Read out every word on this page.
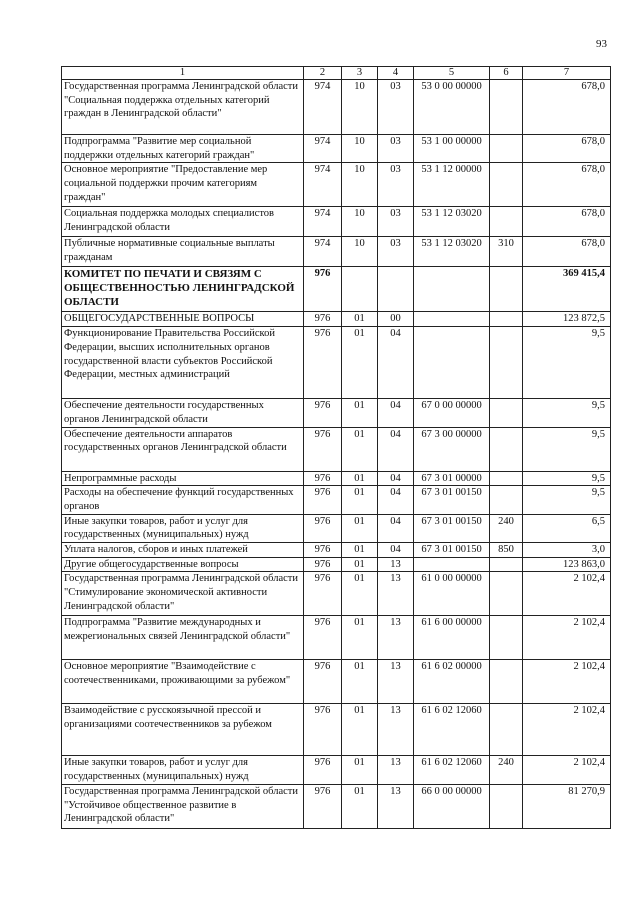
93
1	2	3	4	5	6	7
Государственная программа Ленинградской области "Социальная поддержка отдельных категорий граждан в Ленинградской области"	974	10	03	53 0 00 00000		678,0
Подпрограмма "Развитие мер социальной поддержки отдельных категорий граждан"	974	10	03	53 1 00 00000		678,0
Основное мероприятие "Предоставление мер социальной поддержки прочим категориям граждан"	974	10	03	53 1 12 00000		678,0
Социальная поддержка молодых специалистов Ленинградской области	974	10	03	53 1 12 03020		678,0
Публичные нормативные социальные выплаты гражданам	974	10	03	53 1 12 03020	310	678,0
КОМИТЕТ ПО ПЕЧАТИ И СВЯЗЯМ С ОБЩЕСТВЕННОСТЬЮ ЛЕНИНГРАДСКОЙ ОБЛАСТИ	976					369 415,4
ОБЩЕГОСУДАРСТВЕННЫЕ ВОПРОСЫ	976	01	00			123 872,5
Функционирование Правительства Российской Федерации, высших исполнительных органов государственной власти субъектов Российской Федерации, местных администраций	976	01	04			9,5
Обеспечение деятельности государственных органов Ленинградской области	976	01	04	67 0 00 00000		9,5
Обеспечение деятельности аппаратов государственных органов Ленинградской области	976	01	04	67 3 00 00000		9,5
Непрограммные расходы	976	01	04	67 3 01 00000		9,5
Расходы на обеспечение функций государственных органов	976	01	04	67 3 01 00150		9,5
Иные закупки товаров, работ и услуг для государственных (муниципальных) нужд	976	01	04	67 3 01 00150	240	6,5
Уплата налогов, сборов и иных платежей	976	01	04	67 3 01 00150	850	3,0
Другие общегосударственные вопросы	976	01	13			123 863,0
Государственная программа Ленинградской области "Стимулирование экономической активности Ленинградской области"	976	01	13	61 0 00 00000		2 102,4
Подпрограмма "Развитие международных и межрегиональных связей Ленинградской области"	976	01	13	61 6 00 00000		2 102,4
Основное мероприятие "Взаимодействие с соотечественниками, проживающими за рубежом"	976	01	13	61 6 02 00000		2 102,4
Взаимодействие с русскоязычной прессой и организациями соотечественников за рубежом	976	01	13	61 6 02 12060		2 102,4
Иные закупки товаров, работ и услуг для государственных (муниципальных) нужд	976	01	13	61 6 02 12060	240	2 102,4
Государственная программа Ленинградской области "Устойчивое общественное развитие в Ленинградской области"	976	01	13	66 0 00 00000		81 270,9
